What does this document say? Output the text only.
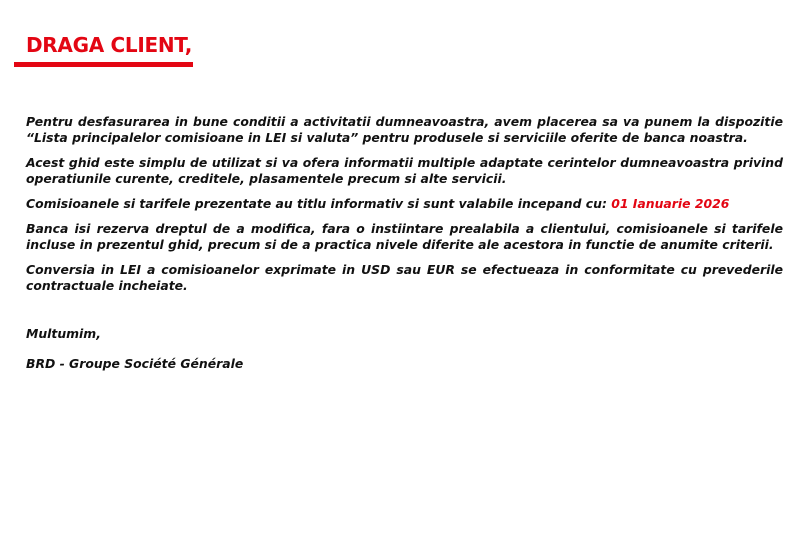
DRAGA CLIENT,

Pentru desfasurarea in bune conditii a activitatii dumneavoastra, avem placerea sa va punem la dispozitie “Lista principalelor comisioane in LEI si valuta” pentru produsele si serviciile oferite de banca noastra.

Acest ghid este simplu de utilizat si va ofera informatii multiple adaptate cerintelor dumneavoastra privind operatiunile curente, creditele, plasamentele precum si alte servicii.

Comisioanele si tarifele prezentate au titlu informativ si sunt valabile incepand cu: 01 Ianuarie 2026

Banca isi rezerva dreptul de a modifica, fara o instiintare prealabila a clientului, comisioanele si tarifele incluse in prezentul ghid, precum si de a practica nivele diferite ale acestora in functie de anumite criterii.

Conversia in LEI a comisioanelor exprimate in USD sau EUR se efectueaza in conformitate cu prevederile contractuale incheiate.

Multumim,

BRD - Groupe Société Générale
